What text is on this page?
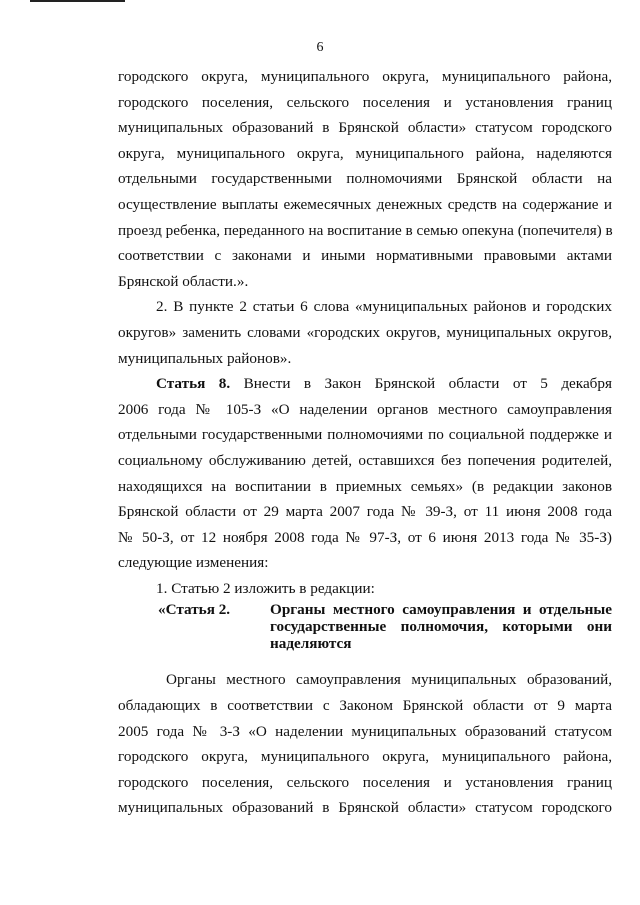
6
городского округа, муниципального округа, муниципального района,
городского поселения, сельского поселения и установления границ
муниципальных образований в Брянской области» статусом городского
округа, муниципального округа, муниципального района, наделяются
отдельными государственными полномочиями Брянской области на
осуществление выплаты ежемесячных денежных средств на содержание и
проезд ребенка, переданного на воспитание в семью опекуна (попечителя) в
соответствии с законами и иными нормативными правовыми актами
Брянской области.».
2. В пункте 2 статьи 6 слова «муниципальных районов и городских
округов» заменить словами «городских округов, муниципальных округов,
муниципальных районов».
Статья 8. Внести в Закон Брянской области от 5 декабря
2006 года № 105-З «О наделении органов местного самоуправления
отдельными государственными полномочиями по социальной поддержке и
социальному обслуживанию детей, оставшихся без попечения родителей,
находящихся на воспитании в приемных семьях» (в редакции законов
Брянской области от 29 марта 2007 года № 39-З, от 11 июня 2008 года
№ 50-З, от 12 ноября 2008 года № 97-З, от 6 июня 2013 года № 35-З)
следующие изменения:
1. Статью 2 изложить в редакции:
«Статья 2.	Органы местного самоуправления и отдельные
государственные полномочия, которыми они
наделяются
Органы местного самоуправления муниципальных образований,
обладающих в соответствии с Законом Брянской области от 9 марта
2005 года № 3-З «О наделении муниципальных образований статусом
городского округа, муниципального округа, муниципального района,
городского поселения, сельского поселения и установления границ
муниципальных образований в Брянской области» статусом городского
